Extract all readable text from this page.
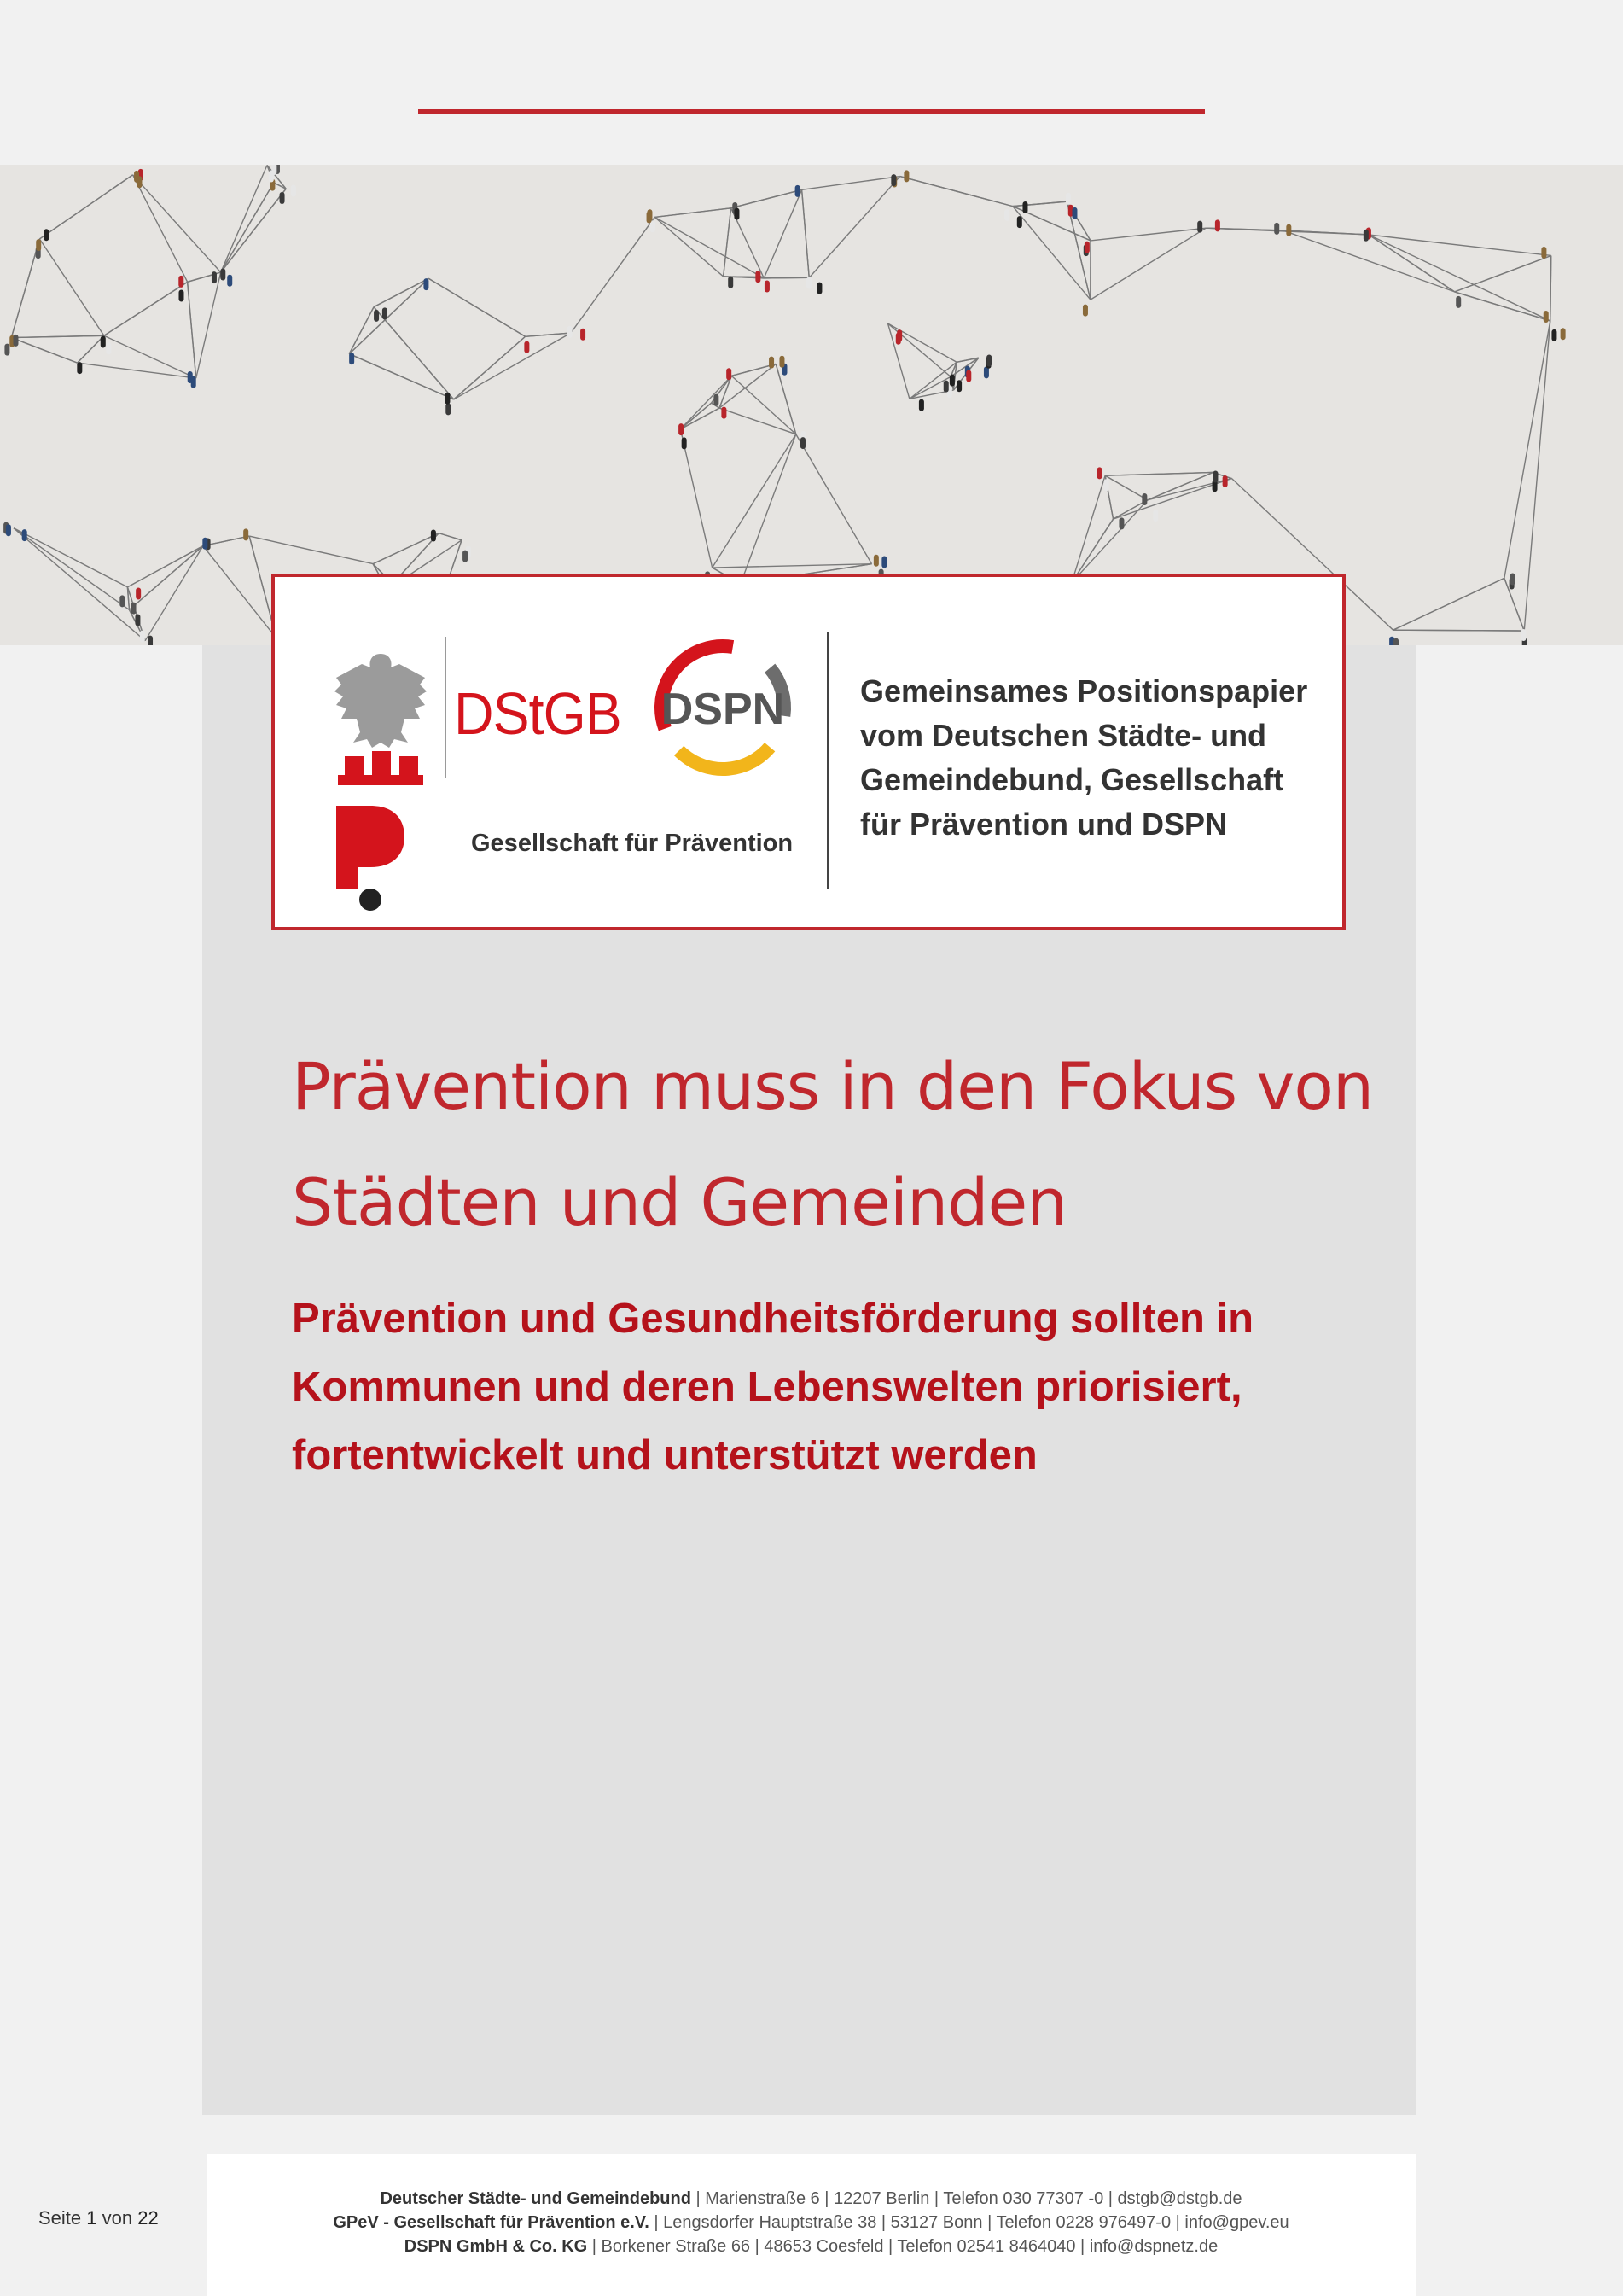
DStGB DSPN
Gesellschaft für Prävention
Gemeinsames Positionspapier
vom Deutschen Städte- und
Gemeindebund, Gesellschaft
für Prävention und DSPN
Prävention muss in den Fokus von
Städten und Gemeinden
Prävention und Gesundheitsförderung sollten in
Kommunen und deren Lebenswelten priorisiert,
fortentwickelt und unterstützt werden
Seite 1 von 22
Deutscher Städte- und Gemeindebund | Marienstraße 6 | 12207 Berlin | Telefon 030 77307 -0 | dstgb@dstgb.de
GPeV - Gesellschaft für Prävention e.V. | Lengsdorfer Hauptstraße 38 | 53127 Bonn | Telefon 0228 976497-0 | info@gpev.eu
DSPN GmbH & Co. KG | Borkener Straße 66 | 48653 Coesfeld | Telefon 02541 8464040 | info@dspnetz.de
